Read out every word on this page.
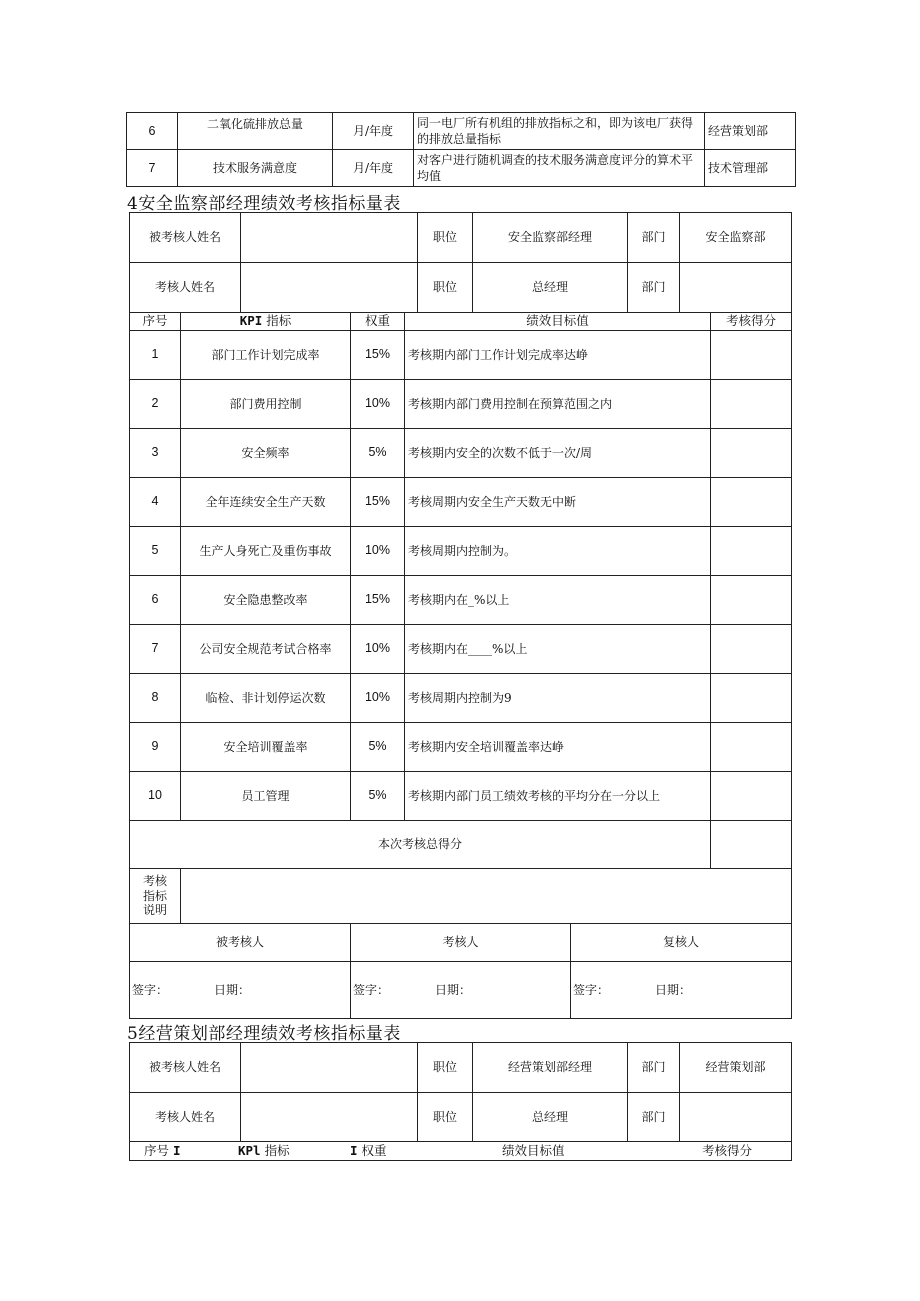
6	二氧化硫排放总量	月/年度	同一电厂所有机组的排放指标之和，即为该电厂获得的排放总量指标	经营策划部
7	技术服务满意度	月/年度	对客户进行随机调查的技术服务满意度评分的算术平均值	技术管理部
4安全监察部经理绩效考核指标量表
被考核人姓名		职位	安全监察部经理	部门	安全监察部
考核人姓名		职位	总经理	部门	
序号	KPI 指标	权重	绩效目标值	考核得分
1	部门工作计划完成率	15%	考核期内部门工作计划完成率达峥	
2	部门费用控制	10%	考核期内部门费用控制在预算范围之内	
3	安全频率	5%	考核期内安全的次数不低于一次/周	
4	全年连续安全生产天数	15%	考核周期内安全生产天数无中断	
5	生产人身死亡及重伤事故	10%	考核周期内控制为。	
6	安全隐患整改率	15%	考核期内在_%以上	
7	公司安全规范考试合格率	10%	考核期内在____%以上	
8	临检、非计划停运次数	10%	考核周期内控制为9	
9	安全培训覆盖率	5%	考核期内安全培训覆盖率达峥	
10	员工管理	5%	考核期内部门员工绩效考核的平均分在一分以上	
本次考核总得分				

考核
指标
说明				

被考核人	考核人	复核人
签字： 日期：	签字： 日期：	签字： 日期：
5经营策划部经理绩效考核指标量表
被考核人姓名		职位	经营策划部经理	部门	经营策划部
考核人姓名		职位	总经理	部门	
序号 I	KPl 指标	I 权重	绩效目标值	考核得分
